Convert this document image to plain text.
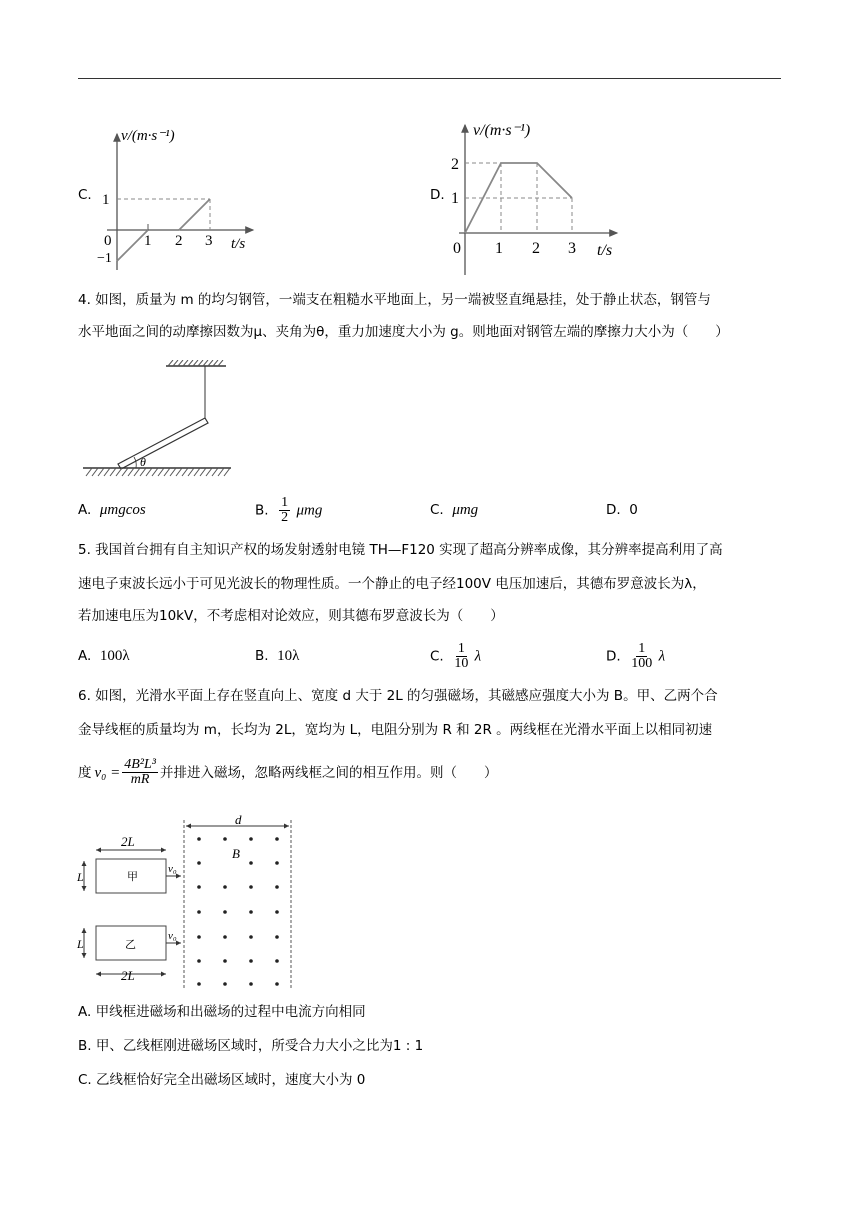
C.
v/(m·s⁻¹)
t/s
1
−1
0 1 2 3
D.
v/(m·s⁻¹)
t/s
2
1
0 1 2 3
4. 如图，质量为 m 的均匀钢管，一端支在粗糙水平地面上，另一端被竖直绳悬挂，处于静止状态，钢管与
水平地面之间的动摩擦因数为μ、夹角为θ，重力加速度大小为 g。则地面对钢管左端的摩擦力大小为（　　）
θ
A. μmgcos	B. $\frac{1}{2}$ μmg	C. μmg	D. 0
5. 我国首台拥有自主知识产权的场发射透射电镜 TH—F120 实现了超高分辨率成像，其分辨率提高利用了高
速电子束波长远小于可见光波长的物理性质。一个静止的电子经100V 电压加速后，其德布罗意波长为λ，
若加速电压为10kV，不考虑相对论效应，则其德布罗意波长为（　　）
A. 100λ	B. 10λ	C. $\frac{1}{10}$ λ	D. $\frac{1}{100}$ λ
6. 如图，光滑水平面上存在竖直向上、宽度 d 大于 2L 的匀强磁场，其磁感应强度大小为 B。甲、乙两个合
金导线框的质量均为 m，长均为 2L，宽均为 L，电阻分别为 R 和 2R 。两线框在光滑水平面上以相同初速
度 $v_0 = \frac{\text{4B²L³}}{mR}$ 并排进入磁场，忽略两线框之间的相互作用。则（　　）
d
B
2L
甲
v₀
L
乙
v₀
L
2L
A. 甲线框进磁场和出磁场的过程中电流方向相同
B. 甲、乙线框刚进磁场区域时，所受合力大小之比为1 : 1
C. 乙线框恰好完全出磁场区域时，速度大小为 0
